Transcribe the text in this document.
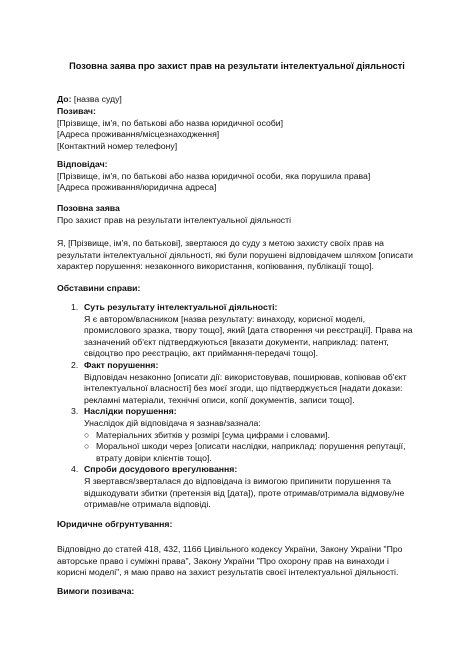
Позовна заява про захист прав на результати інтелектуальної діяльності
До: [назва суду]

Позивач:

[Прізвище, ім'я, по батькові або назва юридичної особи]

[Адреса проживання/місцезнаходження]

[Контактний номер телефону]

Відповідач:

[Прізвище, ім'я, по батькові або назва юридичної особи, яка порушила права]

[Адреса проживання/юридична адреса]

Позовна заява

Про захист прав на результати інтелектуальної діяльності

Я, [Прізвище, ім'я, по батькові], звертаюся до суду з метою захисту своїх прав на результати інтелектуальної діяльності, які були порушені відповідачем шляхом [описати характер порушення: незаконного використання, копіювання, публікації тощо].

Обставини справи:

1. Суть результату інтелектуальної діяльності:

Я є автором/власником [назва результату: винаходу, корисної моделі, промислового зразка, твору тощо], який [дата створення чи реєстрації]. Права на зазначений об'єкт підтверджуються [вказати документи, наприклад: патент, свідоцтво про реєстрацію, акт приймання-передачі тощо].

2. Факт порушення:

Відповідач незаконно [описати дії: використовував, поширював, копіював об'єкт інтелектуальної власності] без моєї згоди, що підтверджується [надати докази: рекламні матеріали, технічні описи, копії документів, записи тощо].

3. Наслідки порушення:

Унаслідок дій відповідача я зазнав/зазнала:

○ Матеріальних збитків у розмірі [сума цифрами і словами].

○ Моральної шкоди через [описати наслідки, наприклад: порушення репутації, втрату довіри клієнтів тощо].

4. Спроби досудового врегулювання:

Я звертався/зверталася до відповідача із вимогою припинити порушення та відшкодувати збитки (претензія від [дата]), проте отримав/отримала відмову/не отримав/не отримала відповіді.

Юридичне обгрунтування:

Відповідно до статей 418, 432, 1166 Цивільного кодексу України, Закону України "Про авторське право і суміжні права", Закону України "Про охорону прав на винаходи і корисні моделі", я маю право на захист результатів своєї інтелектуальної діяльності.

Вимоги позивача:
